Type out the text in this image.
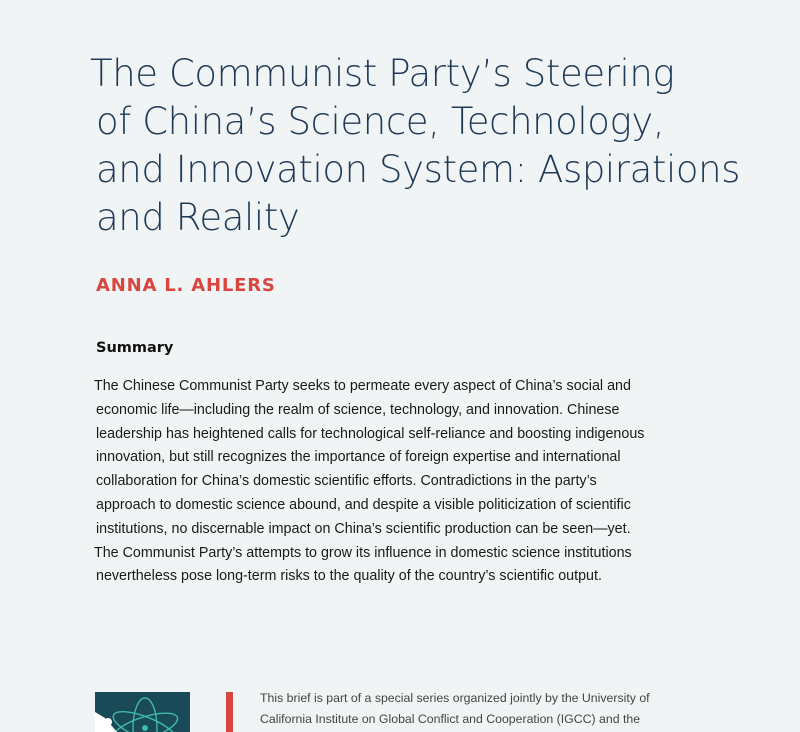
The Communist Party’s Steering
of China’s Science, Technology,
and Innovation System: Aspirations
and Reality

ANNA L. AHLERS

Summary

The Chinese Communist Party seeks to permeate every aspect of China’s social and
economic life—including the realm of science, technology, and innovation. Chinese
leadership has heightened calls for technological self-reliance and boosting indigenous
innovation, but still recognizes the importance of foreign expertise and international
collaboration for China’s domestic scientific efforts. Contradictions in the party’s
approach to domestic science abound, and despite a visible politicization of scientific
institutions, no discernable impact on China’s scientific production can be seen—yet.
The Communist Party’s attempts to grow its influence in domestic science institutions
nevertheless pose long-term risks to the quality of the country’s scientific output.

This brief is part of a special series organized jointly by the University of
California Institute on Global Conflict and Cooperation (IGCC) and the
